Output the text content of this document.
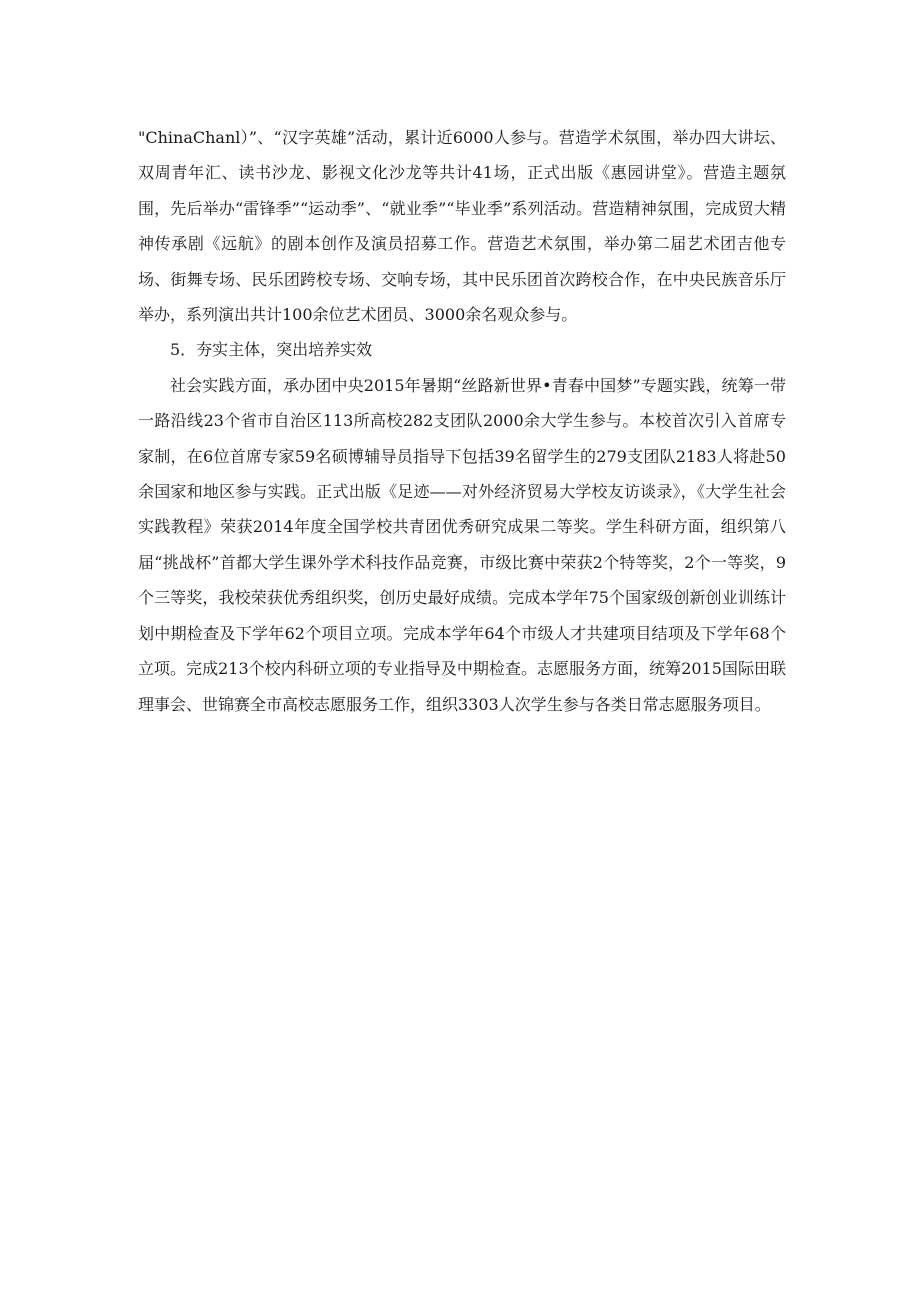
"ChinaChanl）”、“汉字英雄”活动，累计近6000人参与。营造学术氛围，举办四大讲坛、双周青年汇、读书沙龙、影视文化沙龙等共计41场，正式出版《惠园讲堂》。营造主题氛围，先后举办“雷锋季”“运动季”、“就业季”“毕业季”系列活动。营造精神氛围，完成贸大精神传承剧《远航》的剧本创作及演员招募工作。营造艺术氛围，举办第二届艺术团吉他专场、街舞专场、民乐团跨校专场、交响专场，其中民乐团首次跨校合作，在中央民族音乐厅举办，系列演出共计100余位艺术团员、3000余名观众参与。

5．夯实主体，突出培养实效

社会实践方面，承办团中央2015年暑期“丝路新世界•青春中国梦”专题实践，统筹一带一路沿线23个省市自治区113所高校282支团队2000余大学生参与。本校首次引入首席专家制，在6位首席专家59名硕博辅导员指导下包括39名留学生的279支团队2183人将赴50余国家和地区参与实践。正式出版《足迹——对外经济贸易大学校友访谈录》，《大学生社会实践教程》荣获2014年度全国学校共青团优秀研究成果二等奖。学生科研方面，组织第八届“挑战杯”首都大学生课外学术科技作品竞赛，市级比赛中荣获2个特等奖，2个一等奖，9个三等奖，我校荣获优秀组织奖，创历史最好成绩。完成本学年75个国家级创新创业训练计划中期检查及下学年62个项目立项。完成本学年64个市级人才共建项目结项及下学年68个立项。完成213个校内科研立项的专业指导及中期检查。志愿服务方面，统筹2015国际田联理事会、世锦赛全市高校志愿服务工作，组织3303人次学生参与各类日常志愿服务项目。
